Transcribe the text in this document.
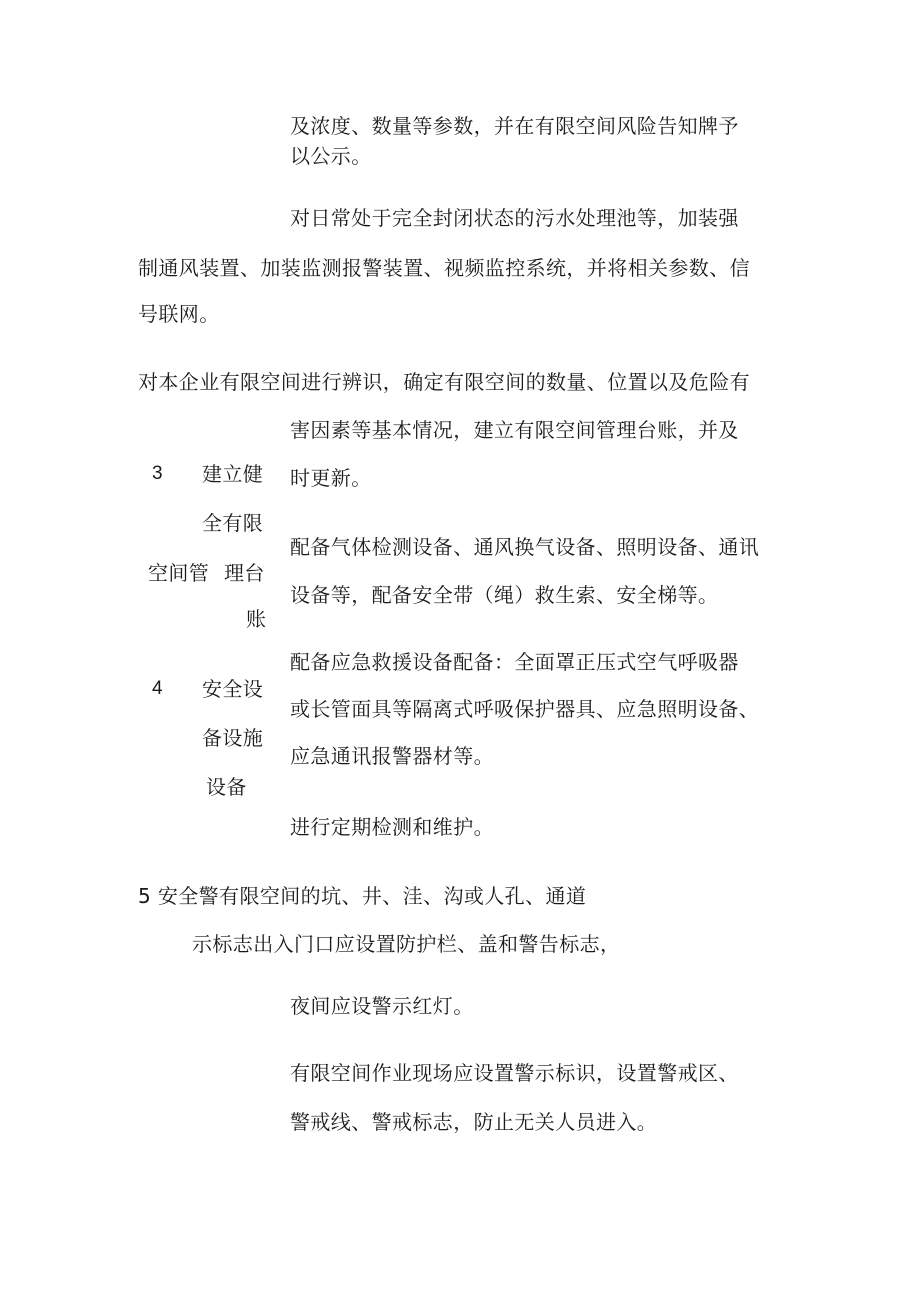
及浓度、数量等参数，并在有限空间风险告知牌予
以公示。
对日常处于完全封闭状态的污水处理池等，加装强
制通风装置、加装监测报警装置、视频监控系统，并将相关参数、信
号联网。
对本企业有限空间进行辨识，确定有限空间的数量、位置以及危险有
害因素等基本情况，建立有限空间管理台账，并及
时更新。
3 建立健
全有限
空间管 理台
账
配备气体检测设备、通风换气设备、照明设备、通讯
设备等，配备安全带（绳）救生索、安全梯等。
配备应急救援设备配备：全面罩正压式空气呼吸器
4 安全设
或长管面具等隔离式呼吸保护器具、应急照明设备、
备设施
应急通讯报警器材等。
设备
进行定期检测和维护。
5 安全警有限空间的坑、井、洼、沟或人孔、通道
示标志出入门口应设置防护栏、盖和警告标志，
夜间应设警示红灯。
有限空间作业现场应设置警示标识，设置警戒区、
警戒线、警戒标志，防止无关人员进入。
